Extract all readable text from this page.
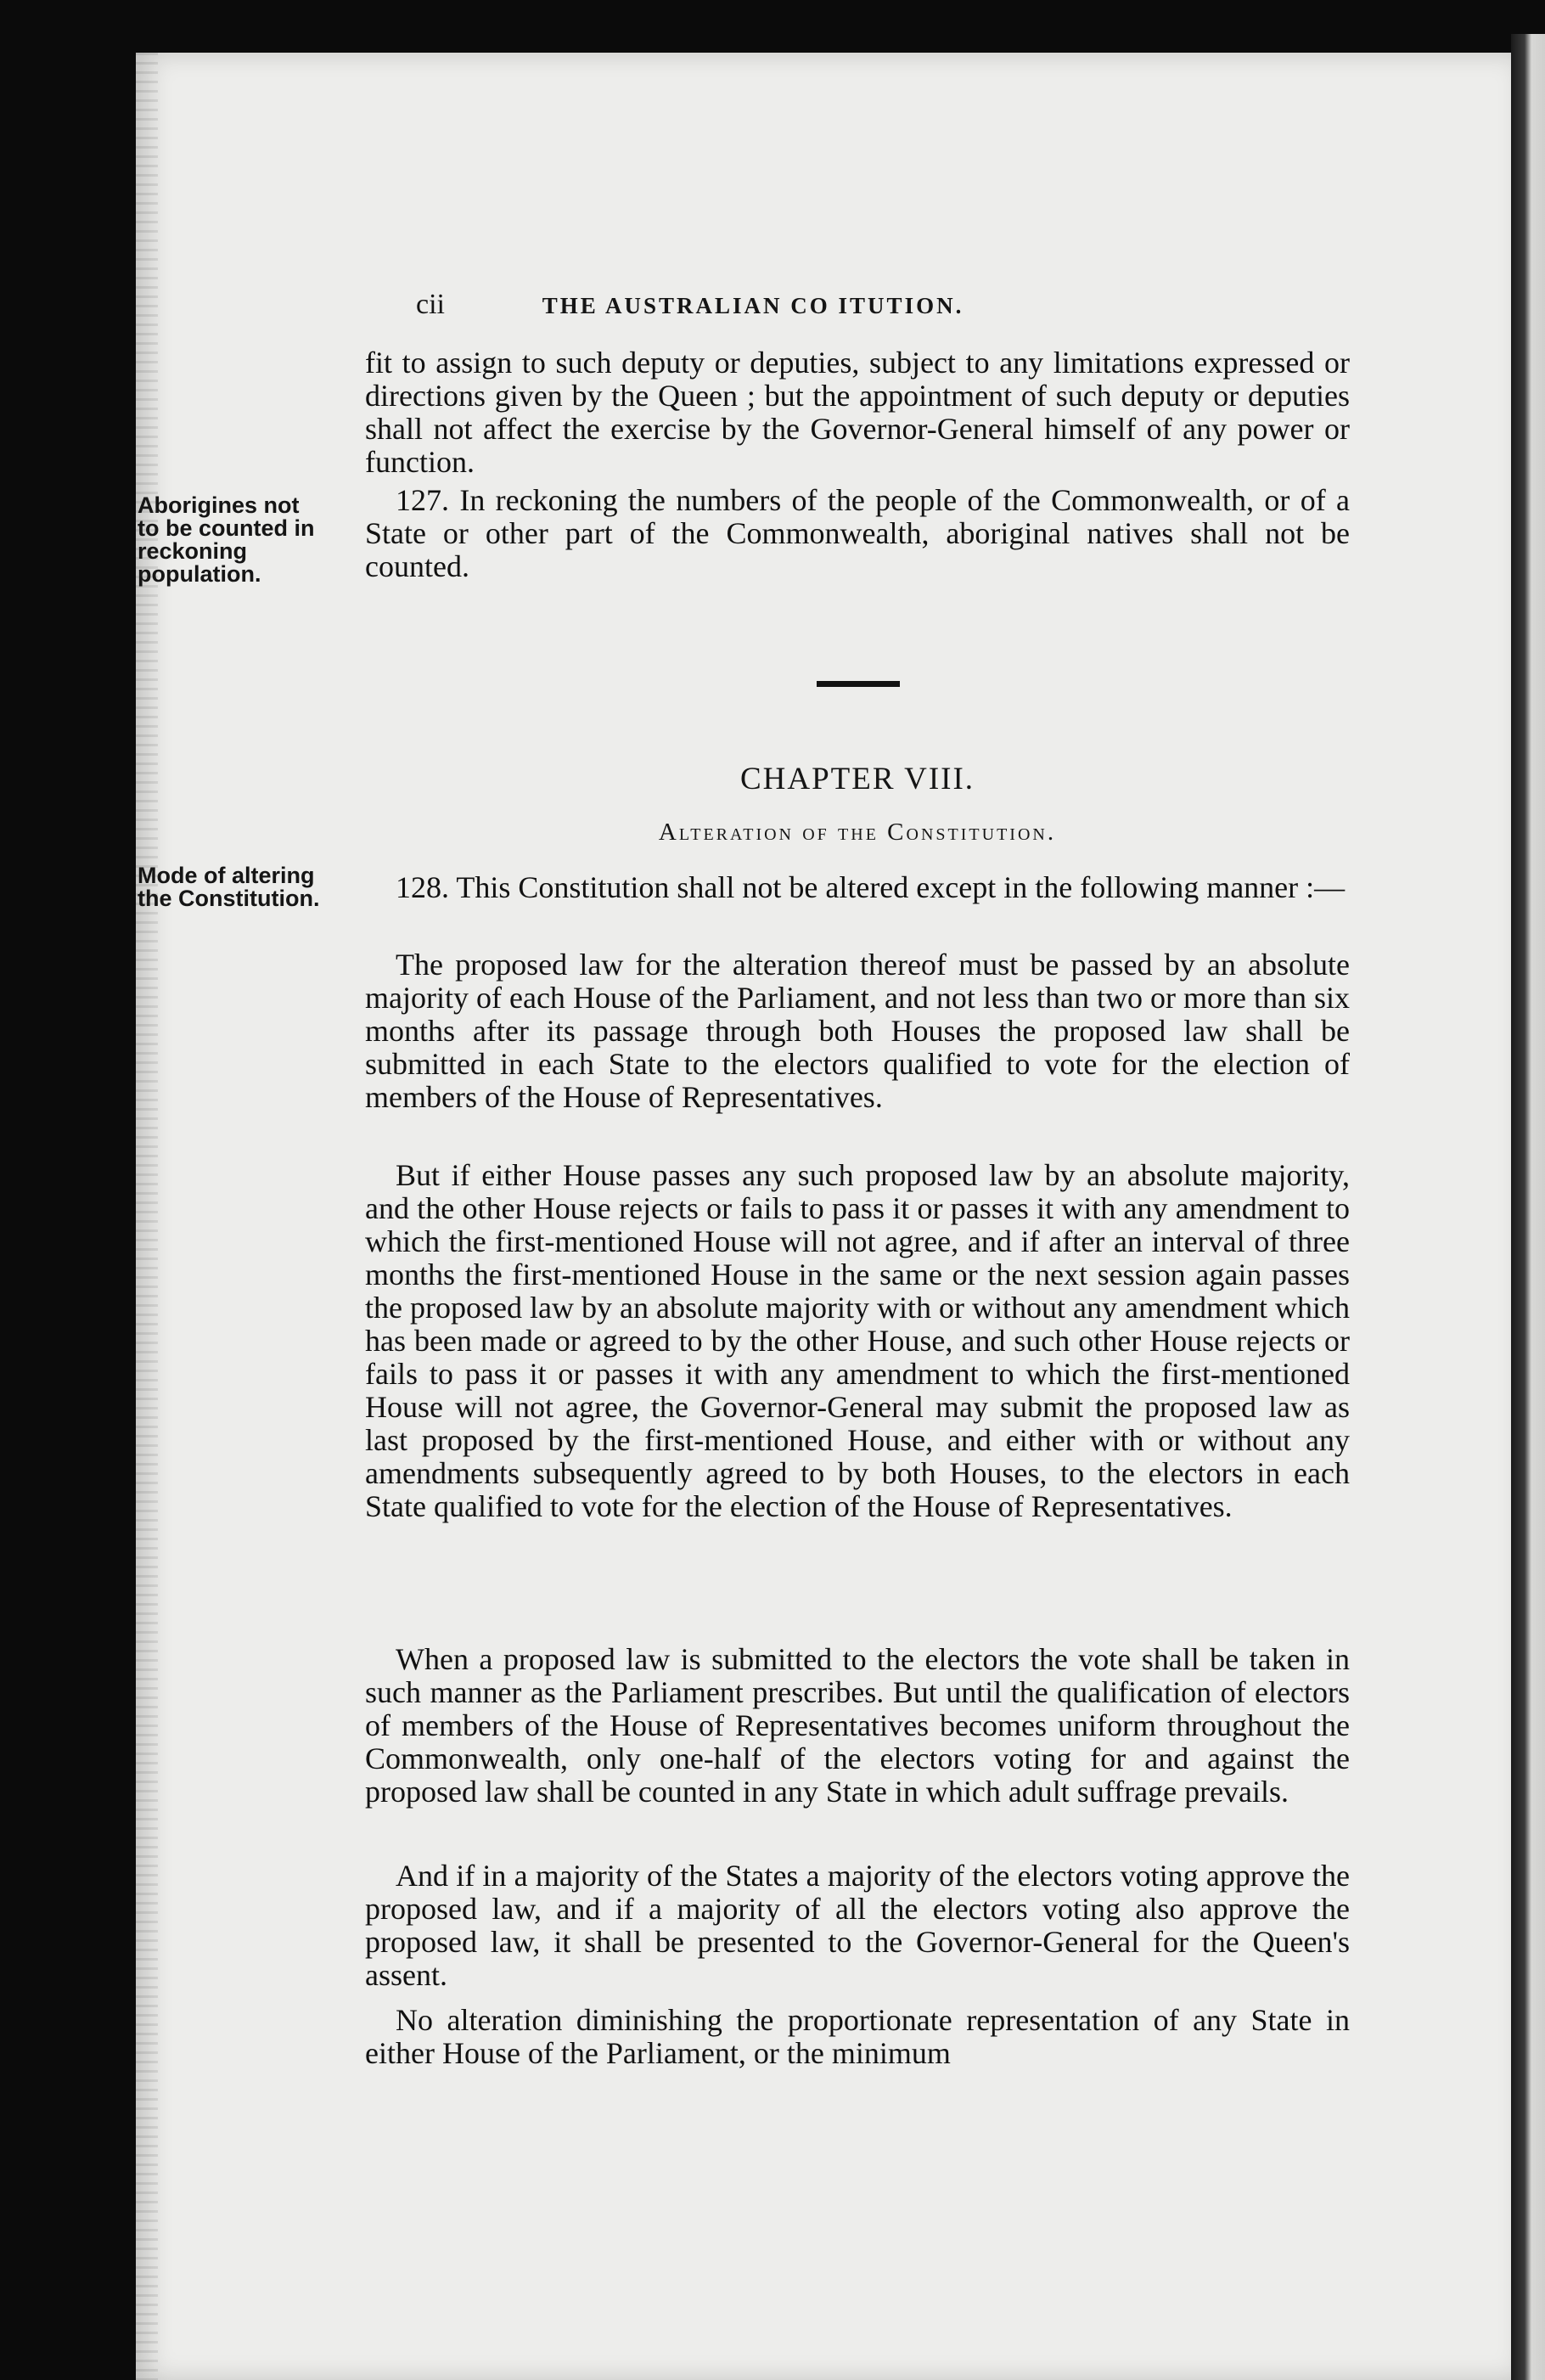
cii	THE AUSTRALIAN CO ITUTION.
Aborigines not
to be counted in
reckoning
population.
Mode of altering
the Constitution.

fit to assign to such deputy or deputies, subject to any limitations expressed or directions given by the Queen ; but the appointment of such deputy or deputies shall not affect the exercise by the Governor-General himself of any power or function.

127. In reckoning the numbers of the people of the Commonwealth, or of a State or other part of the Commonwealth, aboriginal natives shall not be counted.

CHAPTER VIII.
Alteration of the Constitution.

128. This Constitution shall not be altered except in the following manner :—

The proposed law for the alteration thereof must be passed by an absolute majority of each House of the Parliament, and not less than two or more than six months after its passage through both Houses the proposed law shall be submitted in each State to the electors qualified to vote for the election of members of the House of Representatives.

But if either House passes any such proposed law by an absolute majority, and the other House rejects or fails to pass it or passes it with any amendment to which the first-mentioned House will not agree, and if after an interval of three months the first-mentioned House in the same or the next session again passes the proposed law by an absolute majority with or without any amendment which has been made or agreed to by the other House, and such other House rejects or fails to pass it or passes it with any amendment to which the first-mentioned House will not agree, the Governor-General may submit the proposed law as last proposed by the first-mentioned House, and either with or without any amendments subsequently agreed to by both Houses, to the electors in each State qualified to vote for the election of the House of Representatives.

When a proposed law is submitted to the electors the vote shall be taken in such manner as the Parliament prescribes. But until the qualification of electors of members of the House of Representatives becomes uniform throughout the Commonwealth, only one-half of the electors voting for and against the proposed law shall be counted in any State in which adult suffrage prevails.

And if in a majority of the States a majority of the electors voting approve the proposed law, and if a majority of all the electors voting also approve the proposed law, it shall be presented to the Governor-General for the Queen's assent.

No alteration diminishing the proportionate representation of any State in either House of the Parliament, or the minimum
